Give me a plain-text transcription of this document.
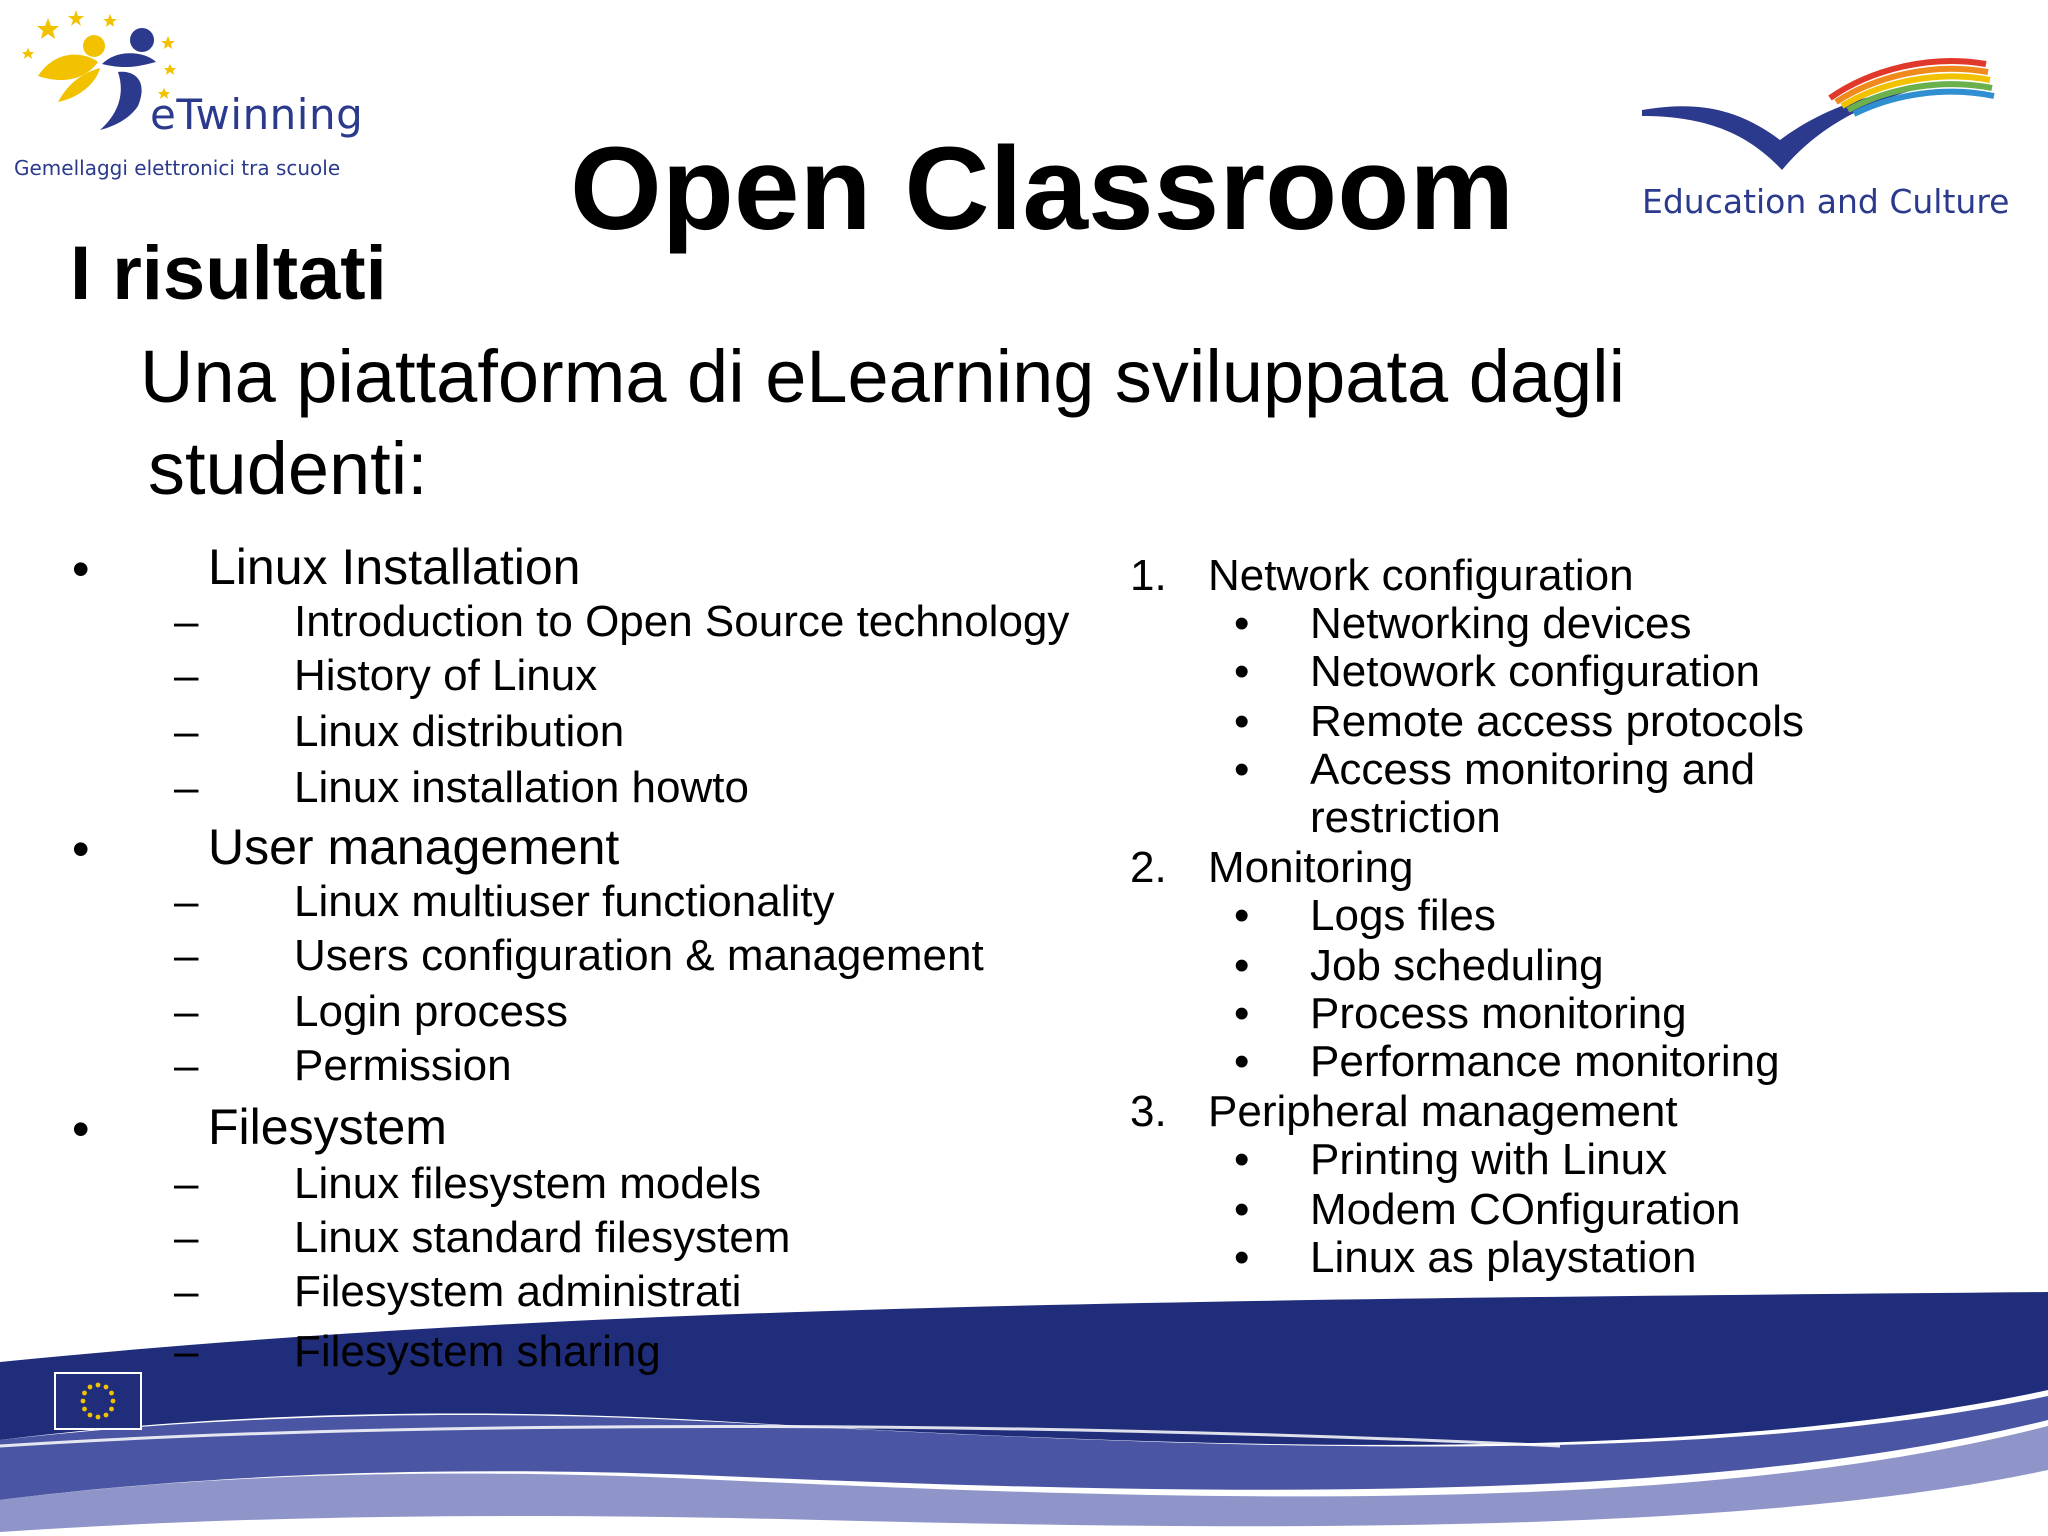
eTwinning
Gemellaggi elettronici tra scuole
Education and Culture
Open Classroom
I risultati
Una piattaforma di eLearning sviluppata dagli
studenti:
• Linux Installation
– Introduction to Open Source technology
– History of Linux
– Linux distribution
– Linux installation howto
• User management
– Linux multiuser functionality
– Users configuration & management
– Login process
– Permission
• Filesystem
– Linux filesystem models
– Linux standard filesystem
– Filesystem administrati
– Filesystem sharing
1. Network configuration
• Networking devices
• Netowork configuration
• Remote access protocols
• Access monitoring and
restriction
2. Monitoring
• Logs files
• Job scheduling
• Process monitoring
• Performance monitoring
3. Peripheral management
• Printing with Linux
• Modem COnfiguration
• Linux as playstation
